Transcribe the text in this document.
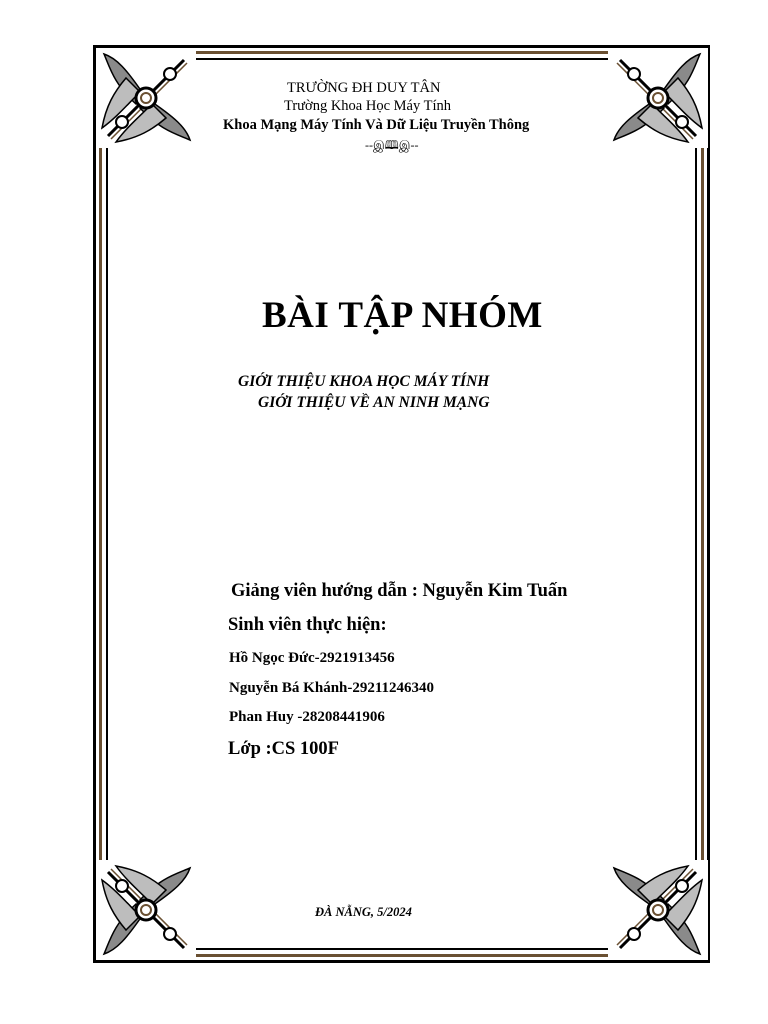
TRƯỜNG ĐH DUY TÂN
Trường Khoa Học Máy Tính
Khoa Mạng Máy Tính Và Dữ Liệu Truyền Thông
--இ🕮இ--
BÀI TẬP NHÓM
GIỚI THIỆU KHOA HỌC MÁY TÍNH
GIỚI THIỆU VỀ AN NINH MẠNG
Giảng viên hướng dẫn : Nguyễn Kim Tuấn
Sinh viên thực hiện:
Hồ Ngọc Đức-2921913456
Nguyễn Bá Khánh-29211246340
Phan Huy -28208441906
Lớp :CS 100F
ĐÀ NẴNG, 5/2024
